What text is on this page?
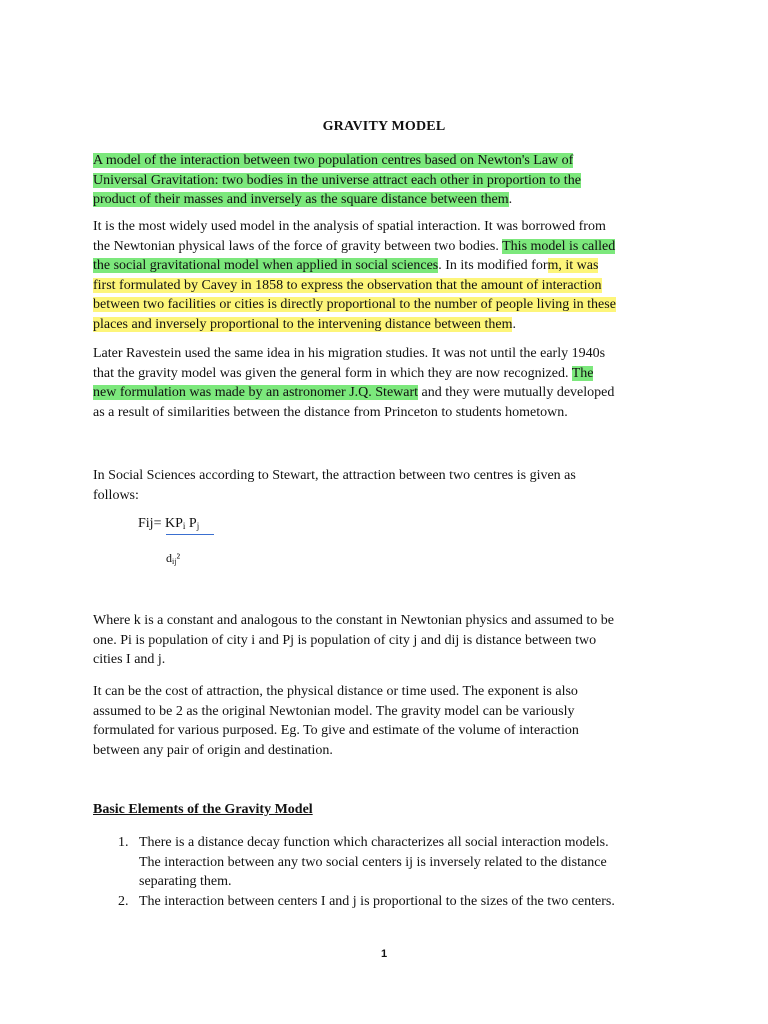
GRAVITY MODEL
A model of the interaction between two population centres based on Newton's Law of
Universal Gravitation: two bodies in the universe attract each other in proportion to the
product of their masses and inversely as the square distance between them.
It is the most widely used model in the analysis of spatial interaction. It was borrowed from
the Newtonian physical laws of the force of gravity between two bodies. This model is called
the social gravitational model when applied in social sciences. In its modified form, it was
first formulated by Cavey in 1858 to express the observation that the amount of interaction
between two facilities or cities is directly proportional to the number of people living in these
places and inversely proportional to the intervening distance between them.
Later Ravestein used the same idea in his migration studies. It was not until the early 1940s
that the gravity model was given the general form in which they are now recognized. The
new formulation was made by an astronomer J.Q. Stewart and they were mutually developed
as a result of similarities between the distance from Princeton to students hometown.
In Social Sciences according to Stewart, the attraction between two centres is given as
follows:
$Fij= KP_i$ $P_j$
$d_{ij}^2$
Where k is a constant and analogous to the constant in Newtonian physics and assumed to be
one. Pi is population of city i and Pj is population of city j and dij is distance between two
cities I and j.
It can be the cost of attraction, the physical distance or time used. The exponent is also
assumed to be 2 as the original Newtonian model. The gravity model can be variously
formulated for various purposed. Eg. To give and estimate of the volume of interaction
between any pair of origin and destination.
Basic Elements of the Gravity Model
1. There is a distance decay function which characterizes all social interaction models.
The interaction between any two social centers ij is inversely related to the distance
separating them.
2. The interaction between centers I and j is proportional to the sizes of the two centers.
1
